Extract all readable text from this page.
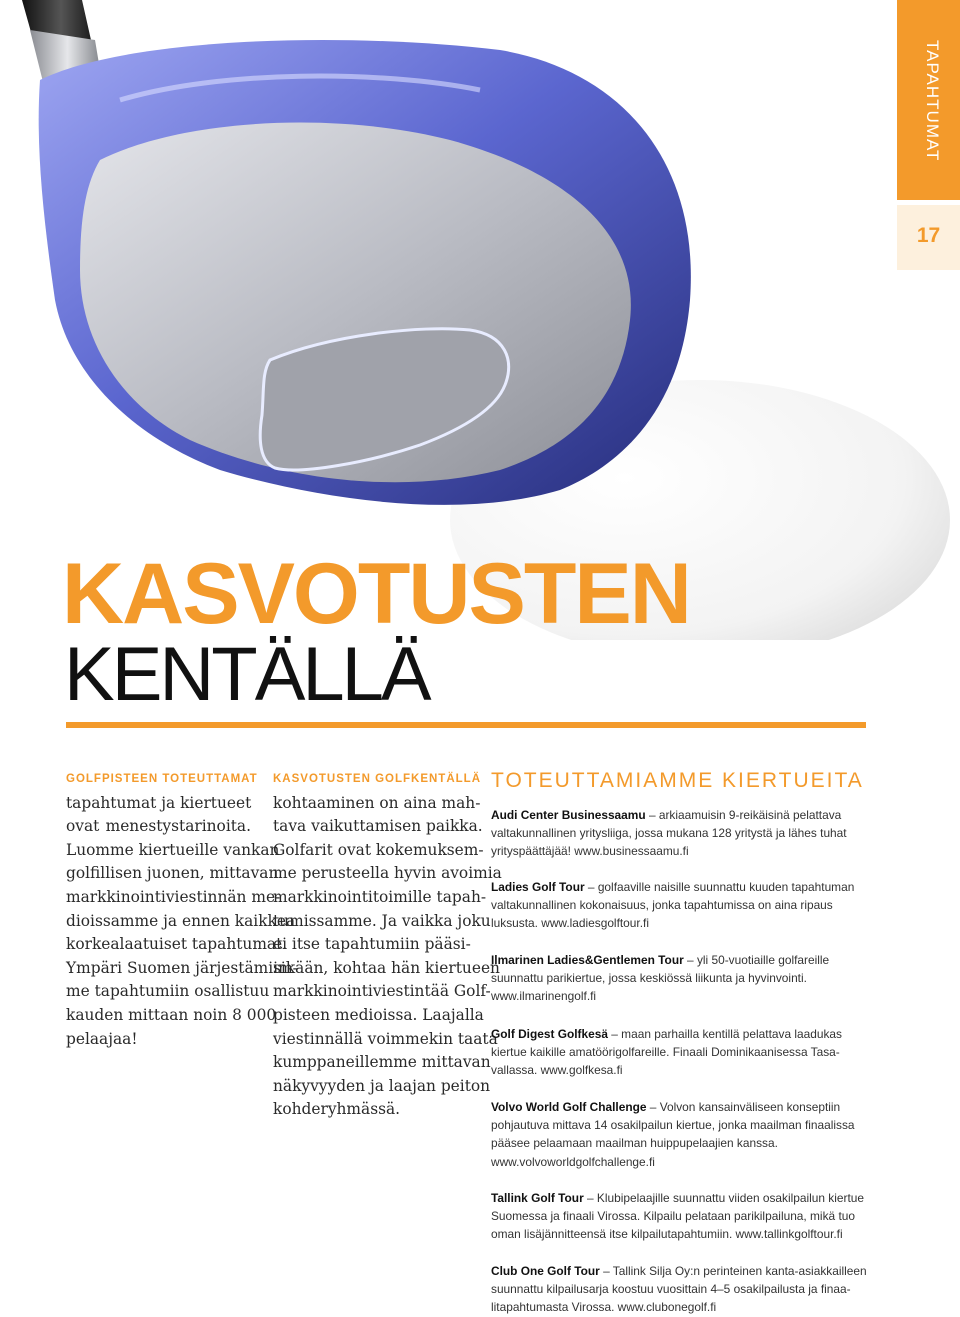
TAPAHTUMAT
17
KASVOTUSTEN
KENTÄLLÄ
GOLFPISTEEN TOTEUTTAMAT
tapahtumat ja kiertueet
ovat menestystarinoita.
Luomme kiertueille vankan
golfillisen juonen, mittavan
markkinointiviestinnän me-
dioissamme ja ennen kaikkea
korkealaatuiset tapahtumat.
Ympäri Suomen järjestämiim-
me tapahtumiin osallistuu
kauden mittaan noin 8 000
pelaajaa!
KASVOTUSTEN GOLFKENTÄLLÄ
kohtaaminen on aina mah-
tava vaikuttamisen paikka.
Golfarit ovat kokemuksem-
me perusteella hyvin avoimia
markkinointitoimille tapah-
tumissamme. Ja vaikka joku
ei itse tapahtumiin pääsi-
sikään, kohtaa hän kiertueen
markkinointiviestintää Golf-
pisteen medioissa. Laajalla
viestinnällä voimmekin taata
kumppaneillemme mittavan
näkyvyyden ja laajan peiton
kohderyhmässä.
TOTEUTTAMIAMME KIERTUEITA
Audi Center Businessaamu – arkiaamuisin 9-reikäisinä pelattava
valtakunnallinen yritysliiga, jossa mukana 128 yritystä ja lähes tuhat
yrityspäättäjää! www.businessaamu.fi
Ladies Golf Tour – golfaaville naisille suunnattu kuuden tapahtuman
valtakunnallinen kokonaisuus, jonka tapahtumissa on aina ripaus
luksusta. www.ladiesgolftour.fi
Ilmarinen Ladies&Gentlemen Tour – yli 50-vuotiaille golfareille
suunnattu parikiertue, jossa keskiössä liikunta ja hyvinvointi.
www.ilmarinengolf.fi
Golf Digest Golfkesä – maan parhailla kentillä pelattava laadukas
kiertue kaikille amatöörigolfareille. Finaali Dominikaanisessa Tasa-
vallassa. www.golfkesa.fi
Volvo World Golf Challenge – Volvon kansainväliseen konseptiin
pohjautuva mittava 14 osakilpailun kiertue, jonka maailman finaalissa
pääsee pelaamaan maailman huippupelaajien kanssa.
www.volvoworldgolfchallenge.fi
Tallink Golf Tour – Klubipelaajille suunnattu viiden osakilpailun kiertue
Suomessa ja finaali Virossa. Kilpailu pelataan parikilpailuna, mikä tuo
oman lisäjännitteensä itse kilpailutapahtumiin. www.tallinkgolftour.fi
Club One Golf Tour – Tallink Silja Oy:n perinteinen kanta-asiakkailleen
suunnattu kilpailusarja koostuu vuosittain 4–5 osakilpailusta ja finaa-
litapahtumasta Virossa. www.clubonegolf.fi
